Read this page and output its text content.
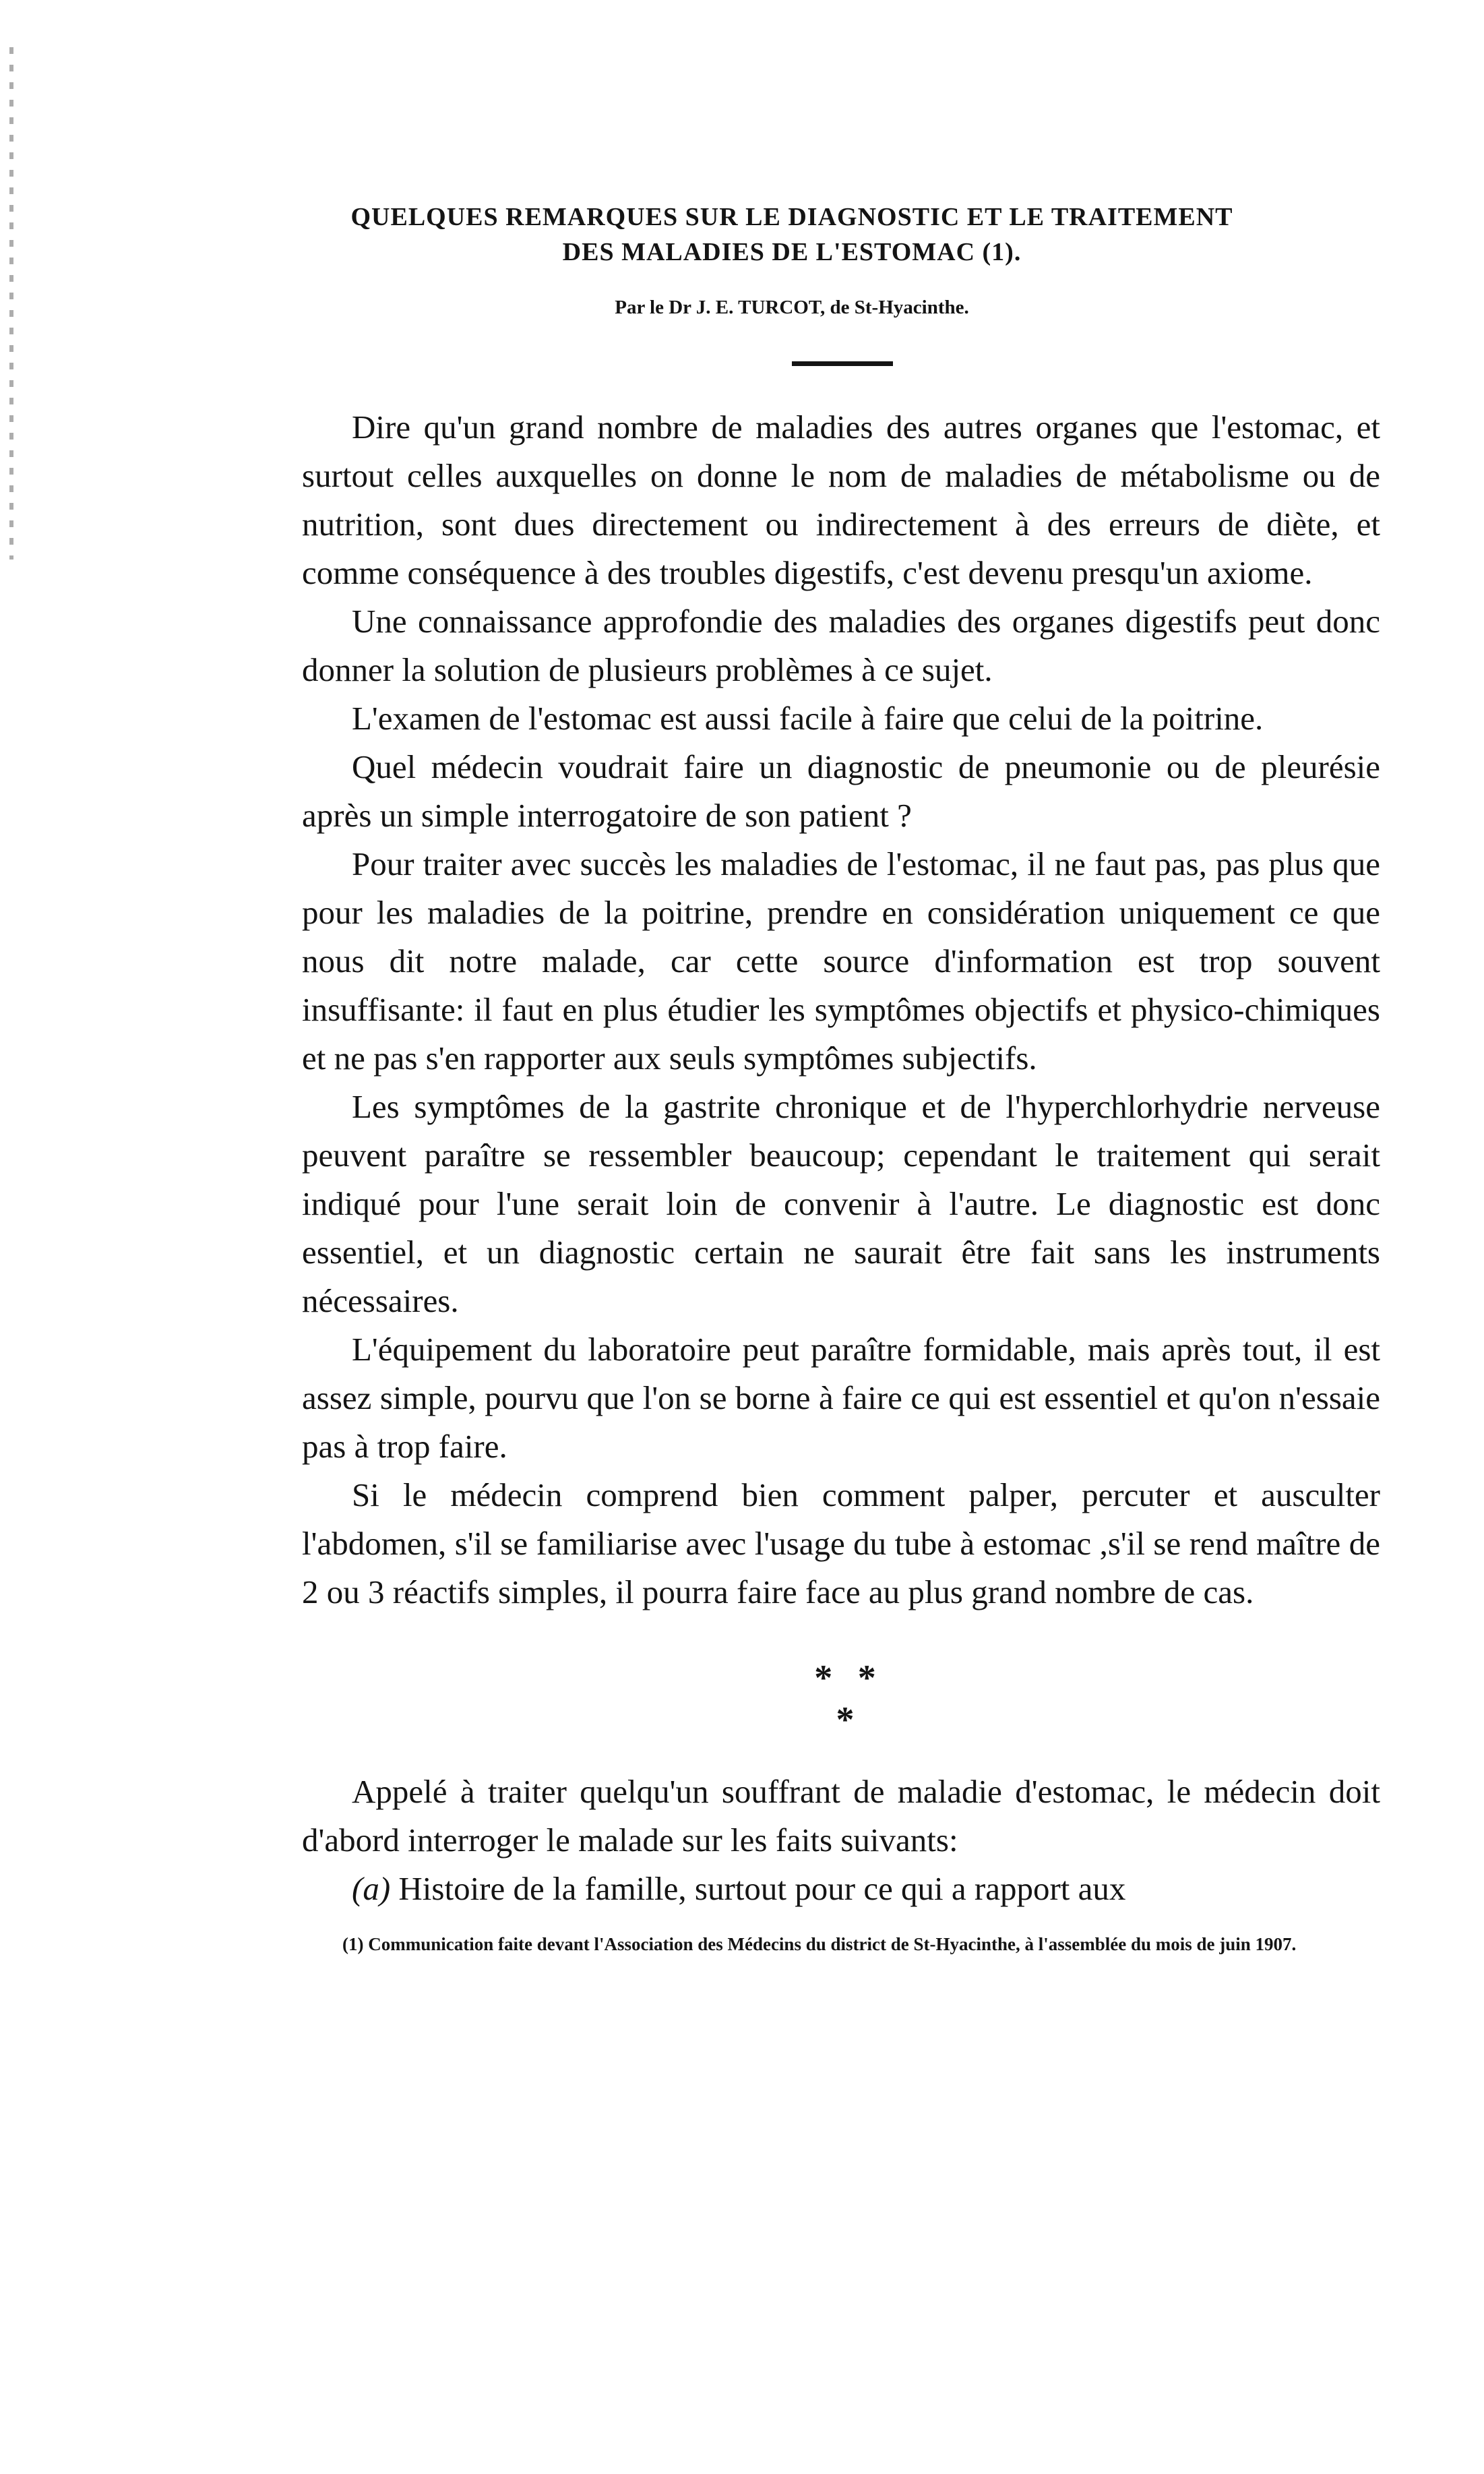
QUELQUES REMARQUES SUR LE DIAGNOSTIC ET LE TRAITEMENT
DES MALADIES DE L'ESTOMAC (1).
Par le Dr J. E. TURCOT, de St-Hyacinthe.

Dire qu'un grand nombre de maladies des autres organes que l'estomac, et surtout celles auxquelles on donne le nom de maladies de métabolisme ou de nutrition, sont dues directement ou indirectement à des erreurs de diète, et comme conséquence à des troubles digestifs, c'est devenu presqu'un axiome.

Une connaissance approfondie des maladies des organes digestifs peut donc donner la solution de plusieurs problèmes à ce sujet.

L'examen de l'estomac est aussi facile à faire que celui de la poitrine.

Quel médecin voudrait faire un diagnostic de pneumonie ou de pleurésie après un simple interrogatoire de son patient ?

Pour traiter avec succès les maladies de l'estomac, il ne faut pas, pas plus que pour les maladies de la poitrine, prendre en considération uniquement ce que nous dit notre malade, car cette source d'information est trop souvent insuffisante: il faut en plus étudier les symptômes objectifs et physico-chimiques et ne pas s'en rapporter aux seuls symptômes subjectifs.

Les symptômes de la gastrite chronique et de l'hyperchlorhydrie nerveuse peuvent paraître se ressembler beaucoup; cependant le traitement qui serait indiqué pour l'une serait loin de convenir à l'autre. Le diagnostic est donc essentiel, et un diagnostic certain ne saurait être fait sans les instruments nécessaires.

L'équipement du laboratoire peut paraître formidable, mais après tout, il est assez simple, pourvu que l'on se borne à faire ce qui est essentiel et qu'on n'essaie pas à trop faire.

Si le médecin comprend bien comment palper, percuter et ausculter l'abdomen, s'il se familiarise avec l'usage du tube à estomac ,s'il se rend maître de 2 ou 3 réactifs simples, il pourra faire face au plus grand nombre de cas.

* * *

Appelé à traiter quelqu'un souffrant de maladie d'estomac, le médecin doit d'abord interroger le malade sur les faits suivants:

(a) Histoire de la famille, surtout pour ce qui a rapport aux

(1) Communication faite devant l'Association des Médecins du district de St-Hyacinthe, à l'assemblée du mois de juin 1907.
